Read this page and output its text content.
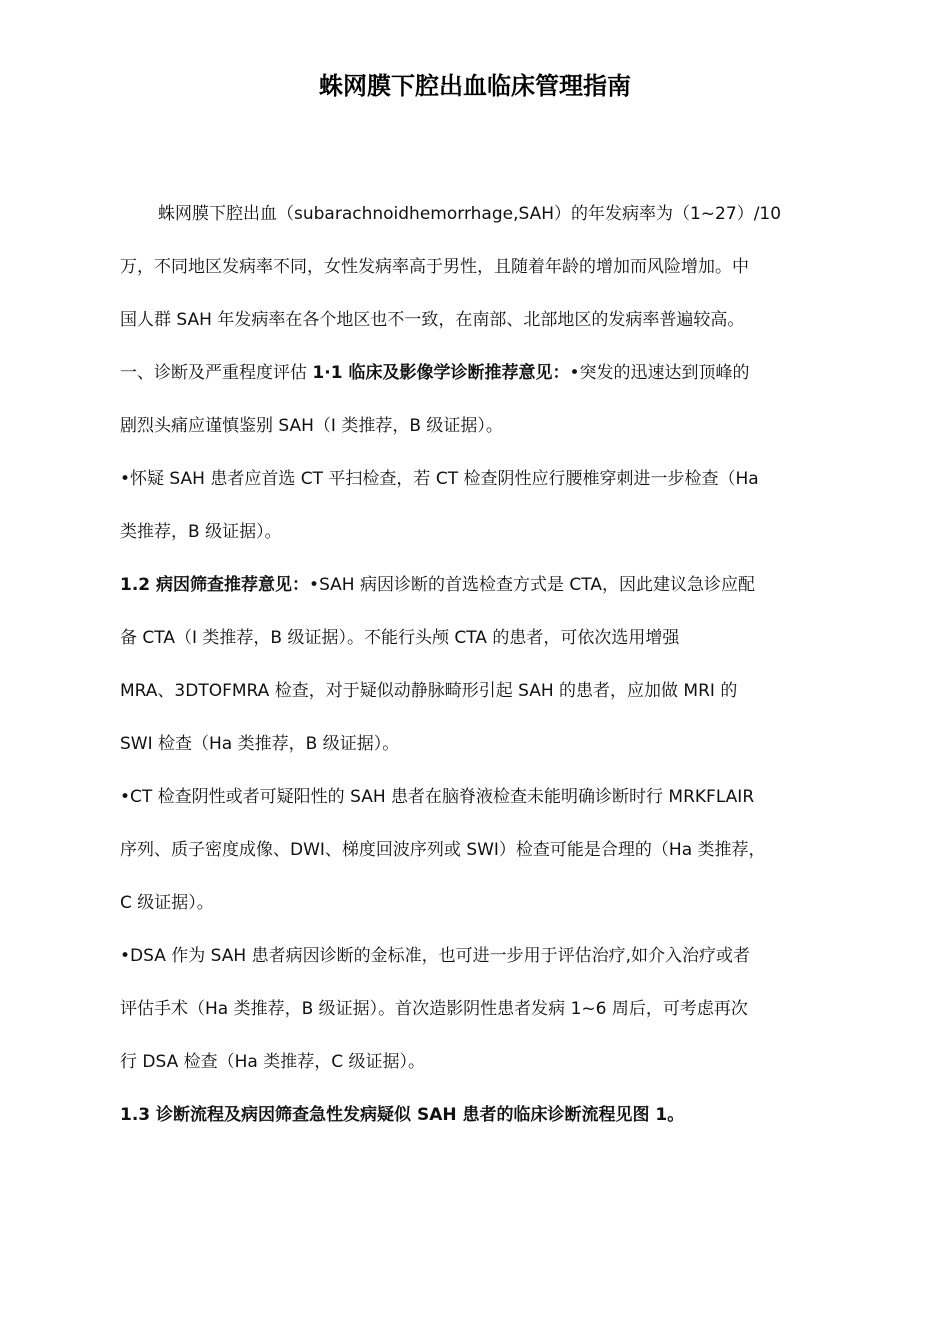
蛛网膜下腔出血临床管理指南
蛛网膜下腔出血（subarachnoidhemorrhage,SAH）的年发病率为（1~27）/10
万，不同地区发病率不同，女性发病率高于男性，且随着年龄的增加而风险增加。中
国人群 SAH 年发病率在各个地区也不一致，在南部、北部地区的发病率普遍较高。
一、诊断及严重程度评估 1·1 临床及影像学诊断推荐意见：•突发的迅速达到顶峰的
剧烈头痛应谨慎鉴别 SAH（I 类推荐，B 级证据）。
•怀疑 SAH 患者应首选 CT 平扫检查，若 CT 检查阴性应行腰椎穿刺进一步检查（Ha
类推荐，B 级证据）。
1.2 病因筛查推荐意见：•SAH 病因诊断的首选检查方式是 CTA，因此建议急诊应配
备 CTA（I 类推荐，B 级证据）。不能行头颅 CTA 的患者，可依次选用增强
MRA、3DTOFMRA 检查，对于疑似动静脉畸形引起 SAH 的患者，应加做 MRI 的
SWI 检查（Ha 类推荐，B 级证据）。
•CT 检查阴性或者可疑阳性的 SAH 患者在脑脊液检查未能明确诊断时行 MRKFLAIR
序列、质子密度成像、DWI、梯度回波序列或 SWI）检查可能是合理的（Ha 类推荐，
C 级证据）。
•DSA 作为 SAH 患者病因诊断的金标准，也可进一步用于评估治疗,如介入治疗或者
评估手术（Ha 类推荐，B 级证据）。首次造影阴性患者发病 1~6 周后，可考虑再次
行 DSA 检查（Ha 类推荐，C 级证据）。
1.3 诊断流程及病因筛查急性发病疑似 SAH 患者的临床诊断流程见图 1。
